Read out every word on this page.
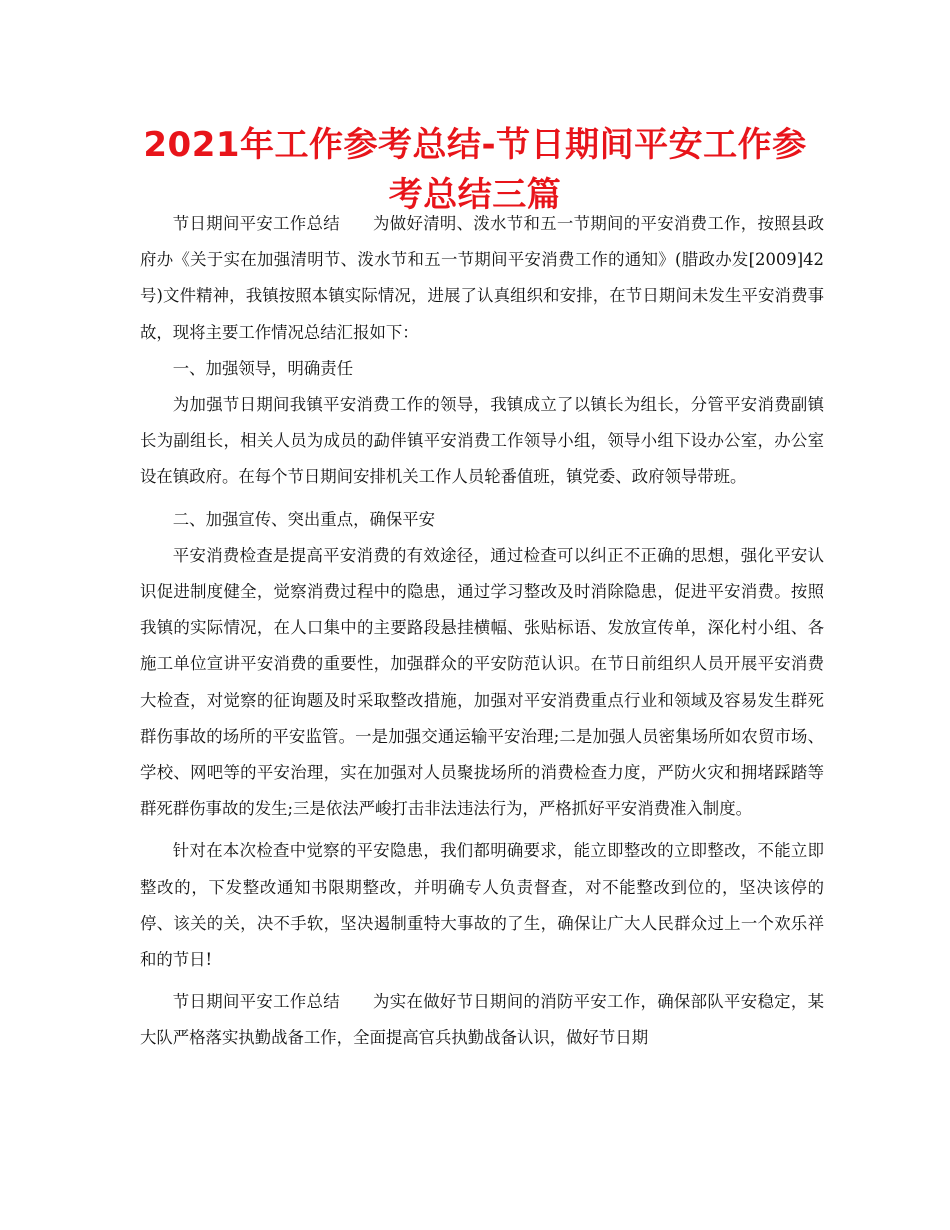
2021年工作参考总结-节日期间平安工作参考总结三篇

节日期间平安工作总结 为做好清明、泼水节和五一节期间的平安消费工作，按照县政府办《关于实在加强清明节、泼水节和五一节期间平安消费工作的通知》(腊政办发[2009]42号)文件精神，我镇按照本镇实际情况，进展了认真组织和安排，在节日期间未发生平安消费事故，现将主要工作情况总结汇报如下：

一、加强领导，明确责任

为加强节日期间我镇平安消费工作的领导，我镇成立了以镇长为组长，分管平安消费副镇长为副组长，相关人员为成员的勐伴镇平安消费工作领导小组，领导小组下设办公室，办公室设在镇政府。在每个节日期间安排机关工作人员轮番值班，镇党委、政府领导带班。

二、加强宣传、突出重点，确保平安

平安消费检查是提高平安消费的有效途径，通过检查可以纠正不正确的思想，强化平安认识促进制度健全，觉察消费过程中的隐患，通过学习整改及时消除隐患，促进平安消费。按照我镇的实际情况，在人口集中的主要路段悬挂横幅、张贴标语、发放宣传单，深化村小组、各施工单位宣讲平安消费的重要性，加强群众的平安防范认识。在节日前组织人员开展平安消费大检查，对觉察的征询题及时采取整改措施，加强对平安消费重点行业和领域及容易发生群死群伤事故的场所的平安监管。一是加强交通运输平安治理;二是加强人员密集场所如农贸市场、学校、网吧等的平安治理，实在加强对人员聚拢场所的消费检查力度，严防火灾和拥堵踩踏等群死群伤事故的发生;三是依法严峻打击非法违法行为，严格抓好平安消费准入制度。

针对在本次检查中觉察的平安隐患，我们都明确要求，能立即整改的立即整改，不能立即整改的，下发整改通知书限期整改，并明确专人负责督查，对不能整改到位的，坚决该停的停、该关的关，决不手软，坚决遏制重特大事故的了生，确保让广大人民群众过上一个欢乐祥和的节日!

节日期间平安工作总结 为实在做好节日期间的消防平安工作，确保部队平安稳定，某大队严格落实执勤战备工作，全面提高官兵执勤战备认识，做好节日期
